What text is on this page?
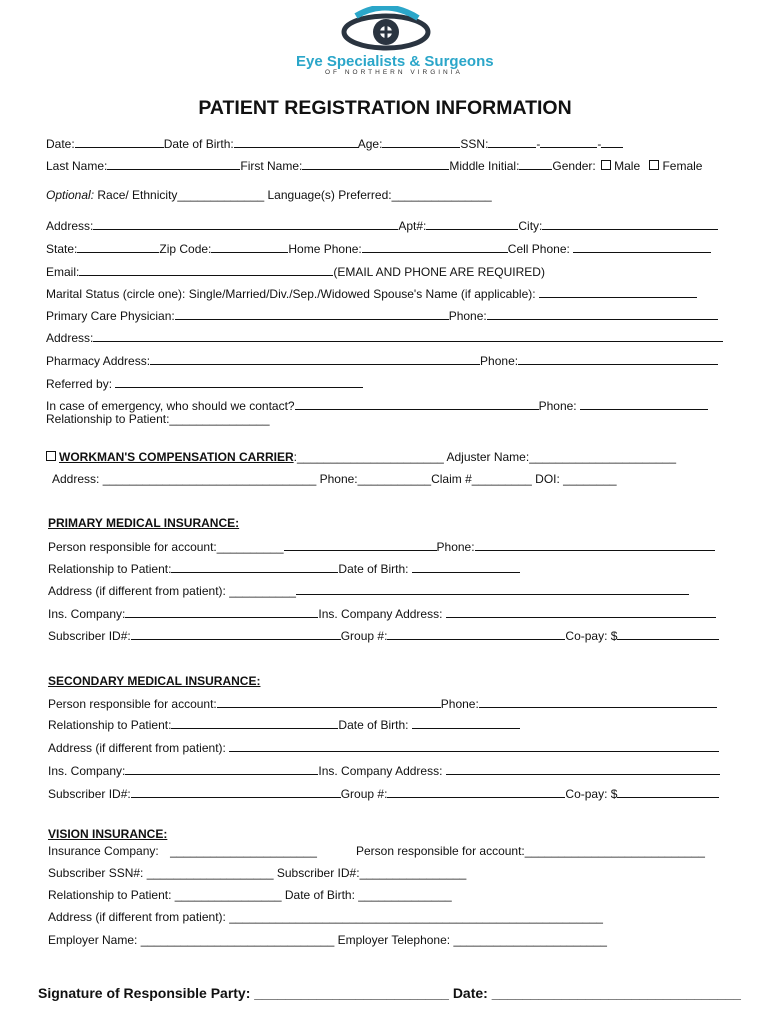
Eye Specialists & Surgeons
OF NORTHERN VIRGINIA
PATIENT REGISTRATION INFORMATION
Date:	Date of Birth:	Age:	SSN:	-	-
Last Name:	First Name:	Middle Initial:	Gender: Male Female
Optional: Race/ Ethnicity_____________ Language(s) Preferred:_______________
Address:	Apt#:	City:
State:	Zip Code:	Home Phone:	Cell Phone:
Email:	(EMAIL AND PHONE ARE REQUIRED)
Marital Status (circle one): Single/Married/Div./Sep./Widowed Spouse's Name (if applicable):
Primary Care Physician:	Phone:
Address:
Pharmacy Address:	Phone:
Referred by:
In case of emergency, who should we contact?	Phone:
Relationship to Patient:_______________
WORKMAN'S COMPENSATION CARRIER:______________________ Adjuster Name:______________________
Address: ________________________________ Phone:___________Claim #_________ DOI: ________
PRIMARY MEDICAL INSURANCE:
Person responsible for account:__________	Phone:
Relationship to Patient:	Date of Birth:
Address (if different from patient): __________
Ins. Company:	Ins. Company Address:
Subscriber ID#:	Group #:	Co-pay: $
SECONDARY MEDICAL INSURANCE:
Person responsible for account:	Phone:
Relationship to Patient:	Date of Birth:
Address (if different from patient):
Ins. Company:	Ins. Company Address:
Subscriber ID#:	Group #:	Co-pay: $
VISION INSURANCE:
Insurance Company: ______________________	Person responsible for account:___________________________
Subscriber SSN#: ___________________ Subscriber ID#:________________
Relationship to Patient: ________________ Date of Birth: ______________
Address (if different from patient): ________________________________________________________
Employer Name: _____________________________ Employer Telephone: _______________________
Signature of Responsible Party: _________________________ Date: ________________________________
